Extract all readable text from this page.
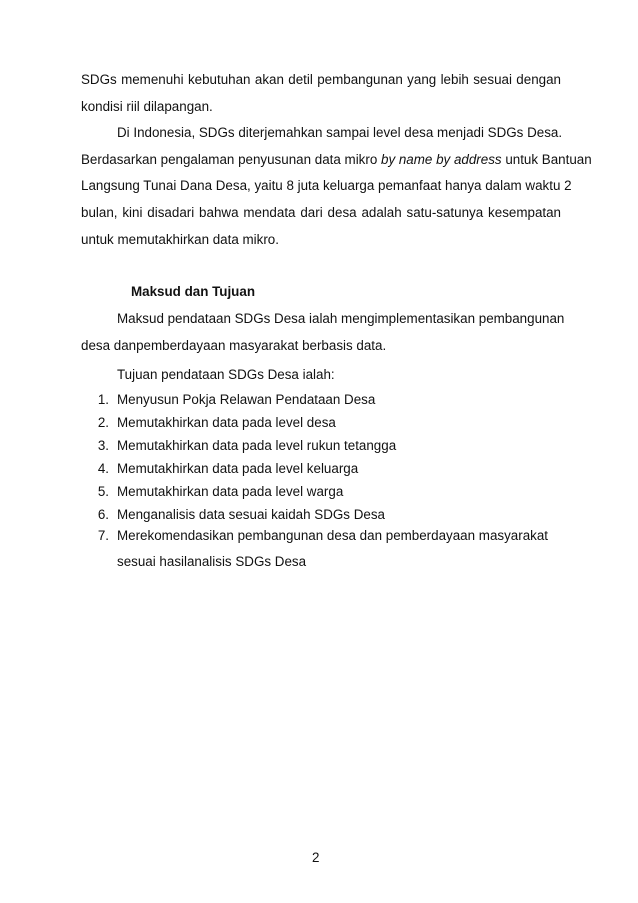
SDGs memenuhi kebutuhan akan detil pembangunan yang lebih sesuai dengan
kondisi riil dilapangan.
Di Indonesia, SDGs diterjemahkan sampai level desa menjadi SDGs Desa.
Berdasarkan pengalaman penyusunan data mikro by name by address untuk Bantuan
Langsung Tunai Dana Desa, yaitu 8 juta keluarga pemanfaat hanya dalam waktu 2
bulan, kini disadari bahwa mendata dari desa adalah satu-satunya kesempatan
untuk memutakhirkan data mikro.
Maksud dan Tujuan
Maksud pendataan SDGs Desa ialah mengimplementasikan pembangunan
desa danpemberdayaan masyarakat berbasis data.
Tujuan pendataan SDGs Desa ialah:
1. Menyusun Pokja Relawan Pendataan Desa
2. Memutakhirkan data pada level desa
3. Memutakhirkan data pada level rukun tetangga
4. Memutakhirkan data pada level keluarga
5. Memutakhirkan data pada level warga
6. Menganalisis data sesuai kaidah SDGs Desa
7. Merekomendasikan pembangunan desa dan pemberdayaan masyarakat
sesuai hasilanalisis SDGs Desa
2
